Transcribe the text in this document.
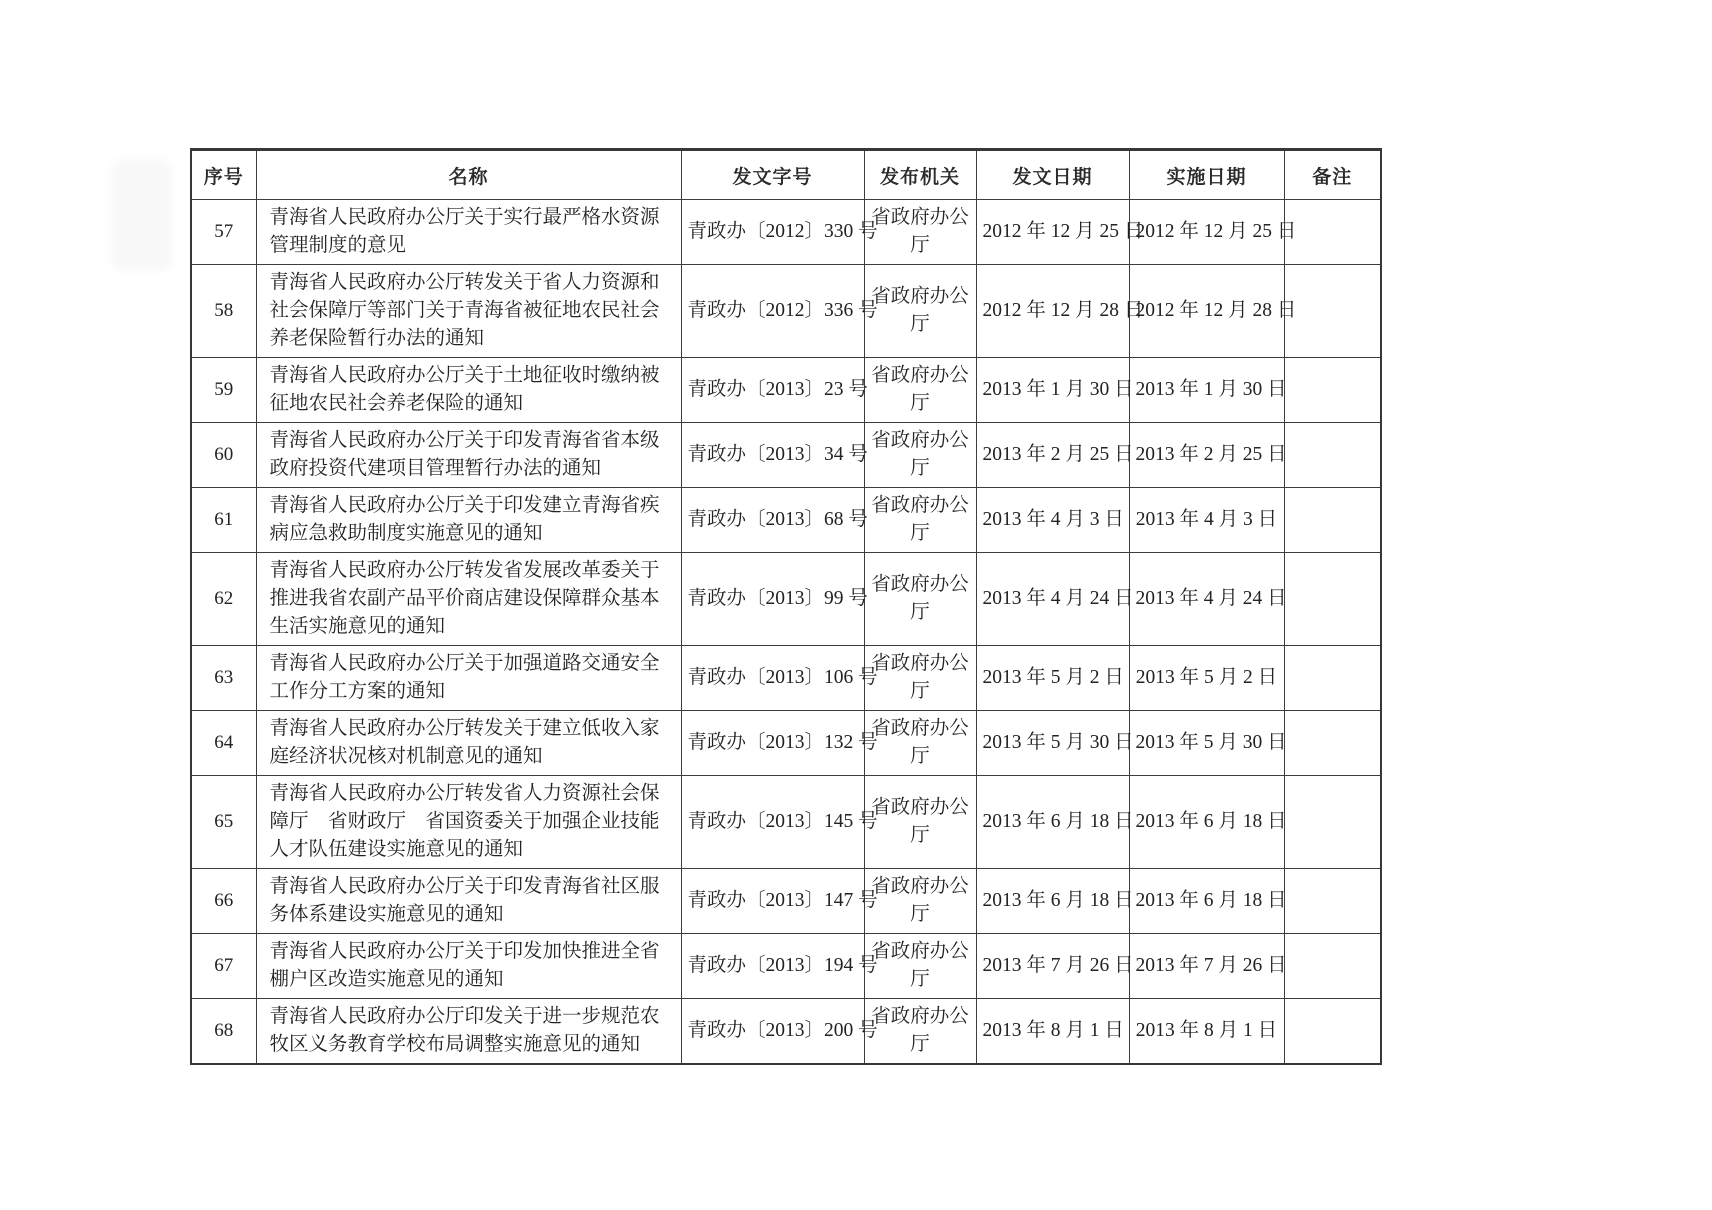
序号	名称	发文字号	发布机关	发文日期	实施日期	备注
57	青海省人民政府办公厅关于实行最严格水资源管理制度的意见	青政办〔2012〕330 号	省政府办公厅	2012 年 12 月 25 日	2012 年 12 月 25 日	
58	青海省人民政府办公厅转发关于省人力资源和社会保障厅等部门关于青海省被征地农民社会养老保险暂行办法的通知	青政办〔2012〕336 号	省政府办公厅	2012 年 12 月 28 日	2012 年 12 月 28 日	
59	青海省人民政府办公厅关于土地征收时缴纳被征地农民社会养老保险的通知	青政办〔2013〕23 号	省政府办公厅	2013 年 1 月 30 日	2013 年 1 月 30 日	
60	青海省人民政府办公厅关于印发青海省省本级政府投资代建项目管理暂行办法的通知	青政办〔2013〕34 号	省政府办公厅	2013 年 2 月 25 日	2013 年 2 月 25 日	
61	青海省人民政府办公厅关于印发建立青海省疾病应急救助制度实施意见的通知	青政办〔2013〕68 号	省政府办公厅	2013 年 4 月 3 日	2013 年 4 月 3 日	
62	青海省人民政府办公厅转发省发展改革委关于推进我省农副产品平价商店建设保障群众基本生活实施意见的通知	青政办〔2013〕99 号	省政府办公厅	2013 年 4 月 24 日	2013 年 4 月 24 日	
63	青海省人民政府办公厅关于加强道路交通安全工作分工方案的通知	青政办〔2013〕106 号	省政府办公厅	2013 年 5 月 2 日	2013 年 5 月 2 日	
64	青海省人民政府办公厅转发关于建立低收入家庭经济状况核对机制意见的通知	青政办〔2013〕132 号	省政府办公厅	2013 年 5 月 30 日	2013 年 5 月 30 日	
65	青海省人民政府办公厅转发省人力资源社会保障厅　省财政厅　省国资委关于加强企业技能人才队伍建设实施意见的通知	青政办〔2013〕145 号	省政府办公厅	2013 年 6 月 18 日	2013 年 6 月 18 日	
66	青海省人民政府办公厅关于印发青海省社区服务体系建设实施意见的通知	青政办〔2013〕147 号	省政府办公厅	2013 年 6 月 18 日	2013 年 6 月 18 日	
67	青海省人民政府办公厅关于印发加快推进全省棚户区改造实施意见的通知	青政办〔2013〕194 号	省政府办公厅	2013 年 7 月 26 日	2013 年 7 月 26 日	
68	青海省人民政府办公厅印发关于进一步规范农牧区义务教育学校布局调整实施意见的通知	青政办〔2013〕200 号	省政府办公厅	2013 年 8 月 1 日	2013 年 8 月 1 日	
